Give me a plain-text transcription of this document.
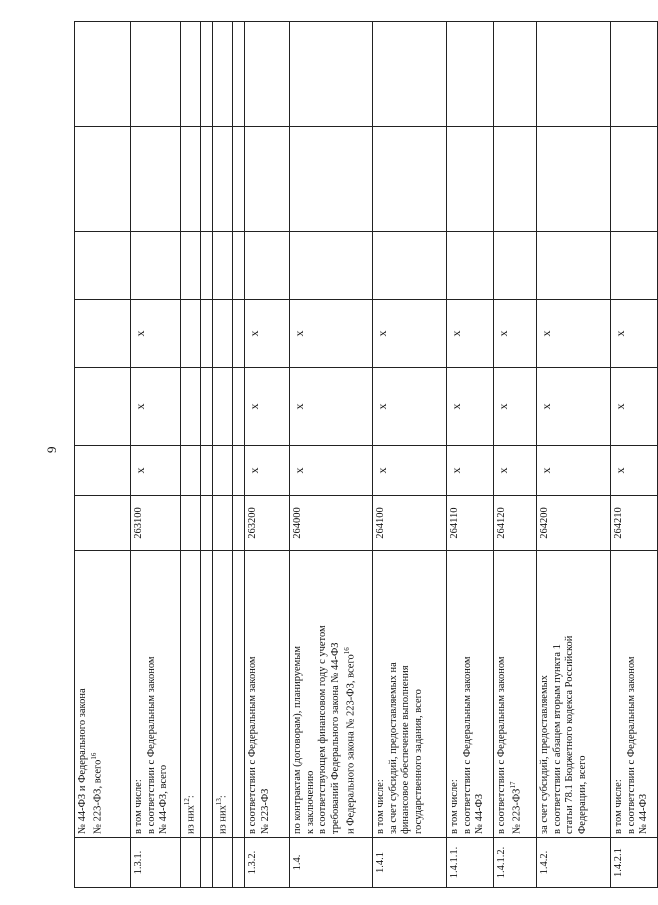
9
	№ 44-ФЗ и Федерального закона № 223-ФЗ, всего$^{16}$							
1.3.1.	в том числе: в соответствии с Федеральным законом № 44-ФЗ, всего	263100	х	х	х			
	из них$^{12}$:							

	из них$^{13}$:							

1.3.2.	в соответствии с Федеральным законом № 223-ФЗ	263200	х	х	х			
1.4.	по контрактам (договорам), планируемым к заключению в соответствующем финансовом году с учетом требований Федерального закона № 44-ФЗ и Федерального закона № 223-ФЗ, всего$^{16}$	264000	х	х	х			
1.4.1	в том числе: за счет субсидий, предоставляемых на финансовое обеспечение выполнения государственного задания, всего	264100	х	х	х			
1.4.1.1.	в том числе: в соответствии с Федеральным законом № 44-ФЗ	264110	х	х	х			
1.4.1.2.	в соответствии с Федеральным законом № 223-ФЗ$^{17}$	264120	х	х	х			
1.4.2.	за счет субсидий, предоставляемых в соответствии с абзацем вторым пункта 1 статьи 78.1 Бюджетного кодекса Российской Федерации, всего	264200	х	х	х			
1.4.2.1	в том числе: в соответствии с Федеральным законом № 44-ФЗ	264210	х	х	х			
